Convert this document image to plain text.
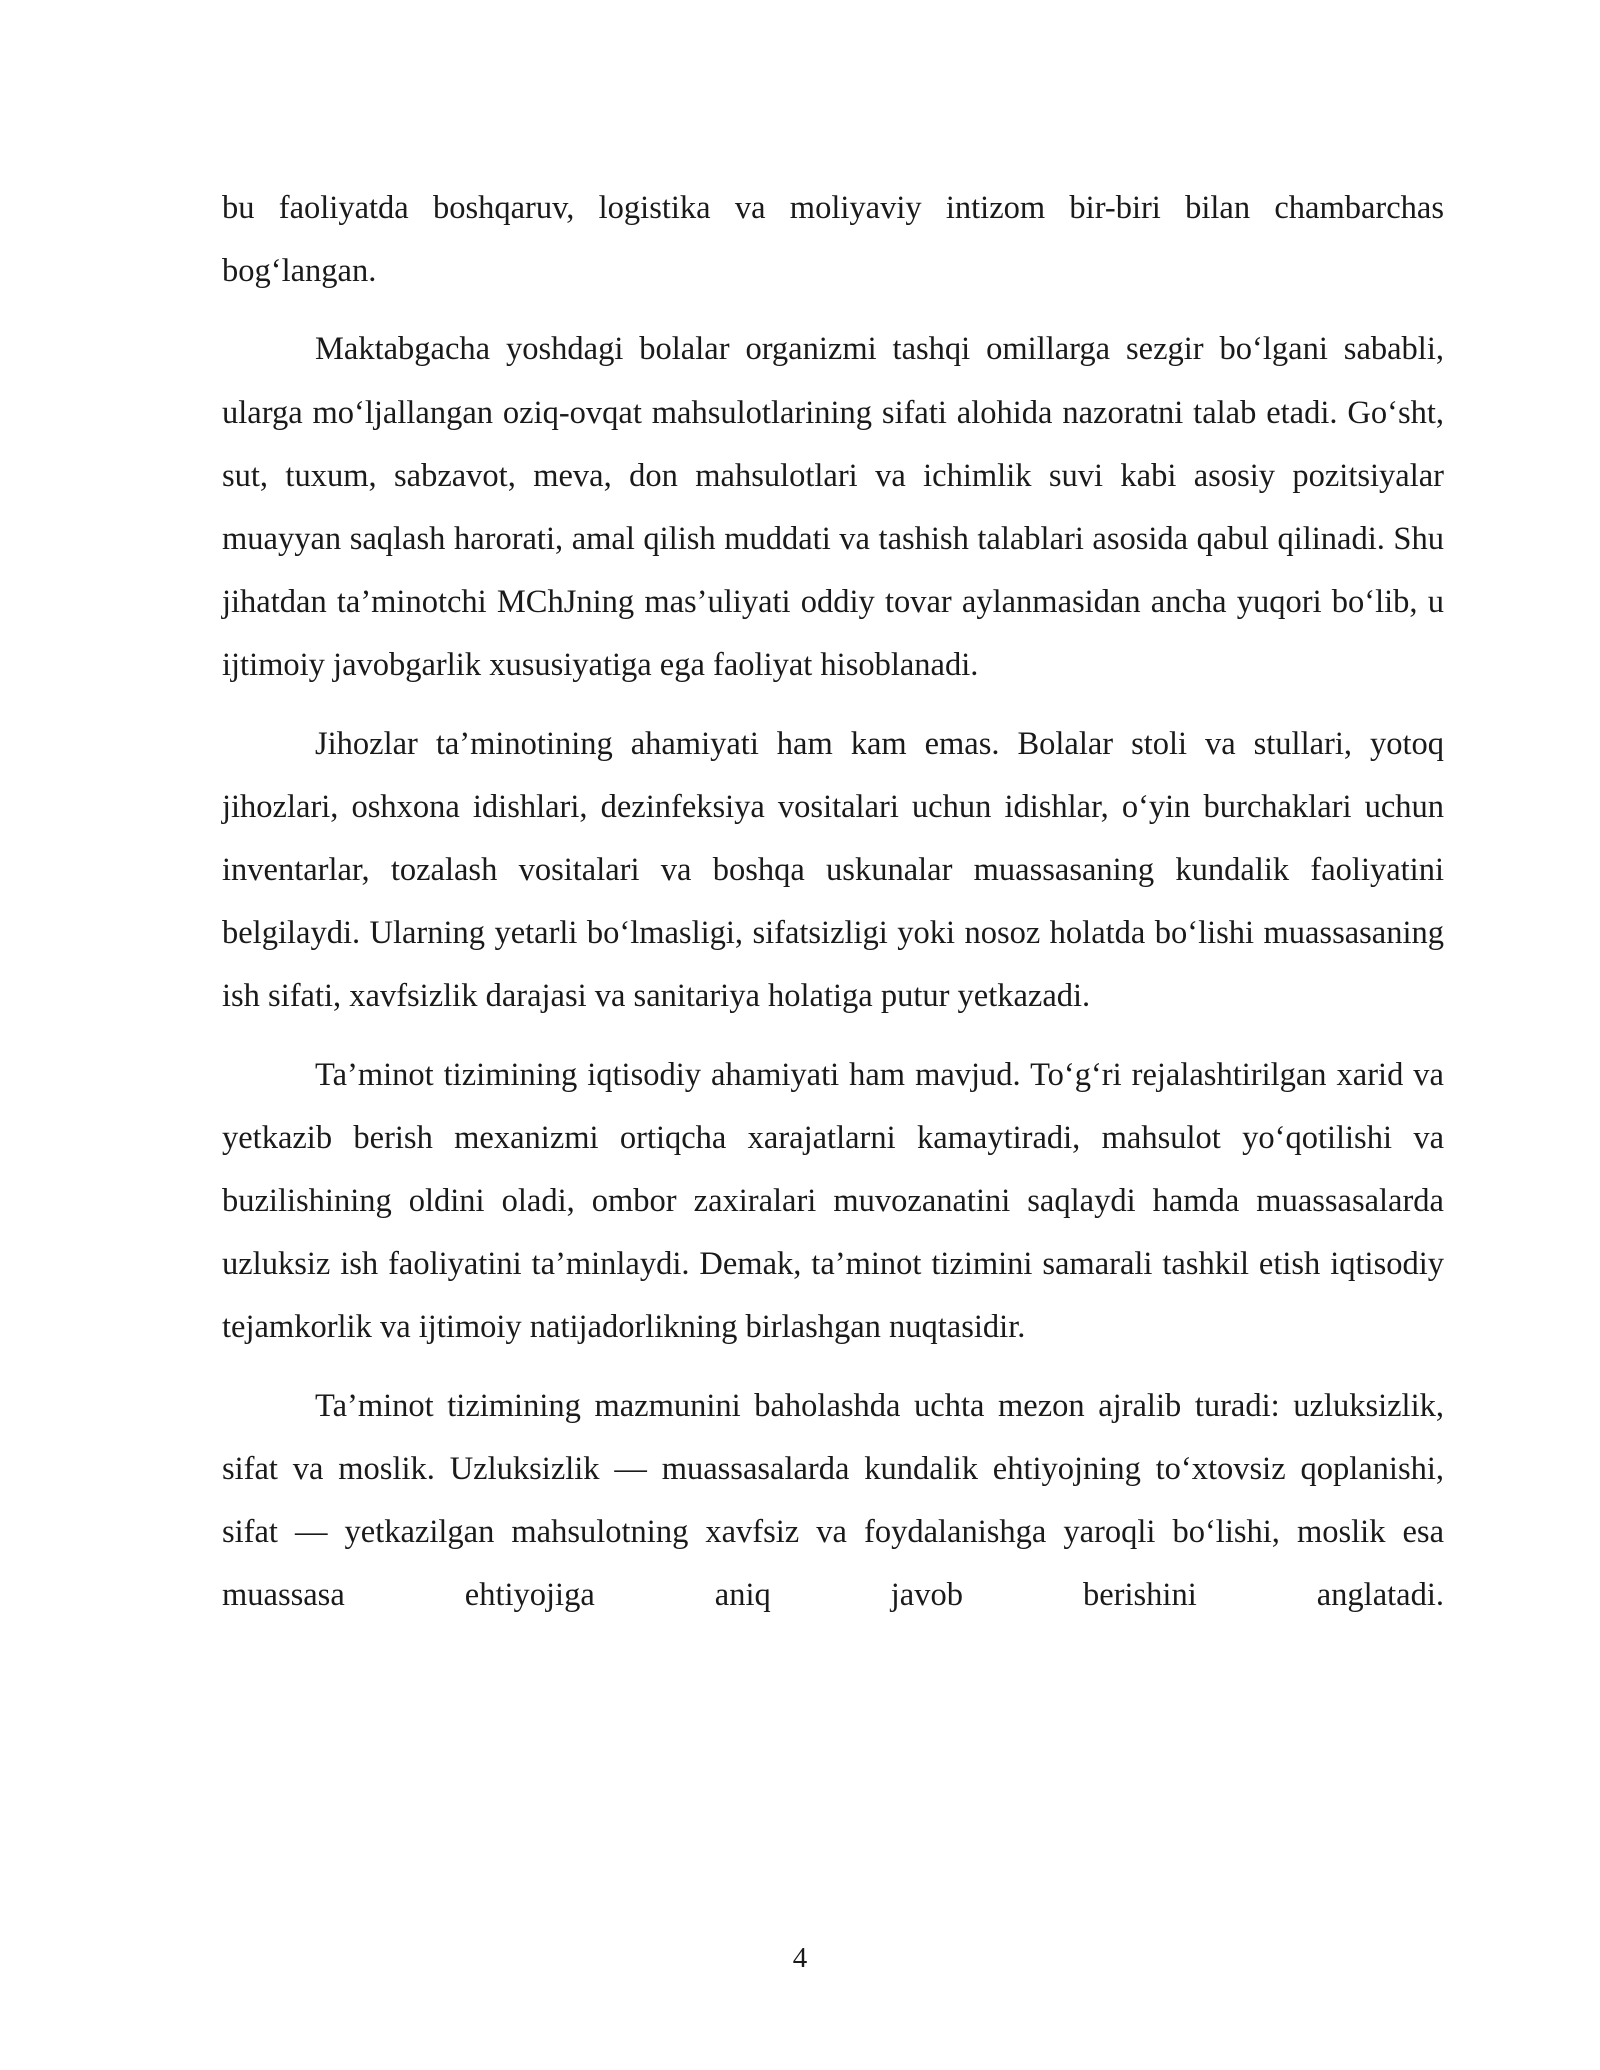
bu faoliyatda boshqaruv, logistika va moliyaviy intizom bir-biri bilan chambarchas bog‘langan.

Maktabgacha yoshdagi bolalar organizmi tashqi omillarga sezgir bo‘lgani sababli, ularga mo‘ljallangan oziq-ovqat mahsulotlarining sifati alohida nazoratni talab etadi. Go‘sht, sut, tuxum, sabzavot, meva, don mahsulotlari va ichimlik suvi kabi asosiy pozitsiyalar muayyan saqlash harorati, amal qilish muddati va tashish talablari asosida qabul qilinadi. Shu jihatdan ta’minotchi MChJning mas’uliyati oddiy tovar aylanmasidan ancha yuqori bo‘lib, u ijtimoiy javobgarlik xususiyatiga ega faoliyat hisoblanadi.

Jihozlar ta’minotining ahamiyati ham kam emas. Bolalar stoli va stullari, yotoq jihozlari, oshxona idishlari, dezinfeksiya vositalari uchun idishlar, o‘yin burchaklari uchun inventarlar, tozalash vositalari va boshqa uskunalar muassasaning kundalik faoliyatini belgilaydi. Ularning yetarli bo‘lmasligi, sifatsizligi yoki nosoz holatda bo‘lishi muassasaning ish sifati, xavfsizlik darajasi va sanitariya holatiga putur yetkazadi.

Ta’minot tizimining iqtisodiy ahamiyati ham mavjud. To‘g‘ri rejalashtirilgan xarid va yetkazib berish mexanizmi ortiqcha xarajatlarni kamaytiradi, mahsulot yo‘qotilishi va buzilishining oldini oladi, ombor zaxiralari muvozanatini saqlaydi hamda muassasalarda uzluksiz ish faoliyatini ta’minlaydi. Demak, ta’minot tizimini samarali tashkil etish iqtisodiy tejamkorlik va ijtimoiy natijadorlikning birlashgan nuqtasidir.

Ta’minot tizimining mazmunini baholashda uchta mezon ajralib turadi: uzluksizlik, sifat va moslik. Uzluksizlik — muassasalarda kundalik ehtiyojning to‘xtovsiz qoplanishi, sifat — yetkazilgan mahsulotning xavfsiz va foydalanishga yaroqli bo‘lishi, moslik esa muassasa ehtiyojiga aniq javob berishini anglatadi.

4
